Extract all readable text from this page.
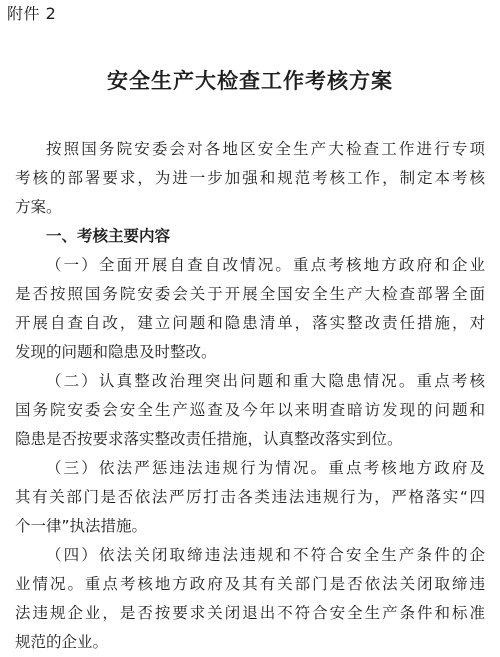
附件 2
安全生产大检查工作考核方案
按照国务院安委会对各地区安全生产大检查工作进行专项
考核的部署要求，为进一步加强和规范考核工作，制定本考核
方案。
一、考核主要内容
（一）全面开展自查自改情况。重点考核地方政府和企业
是否按照国务院安委会关于开展全国安全生产大检查部署全面
开展自查自改，建立问题和隐患清单，落实整改责任措施，对
发现的问题和隐患及时整改。
（二）认真整改治理突出问题和重大隐患情况。重点考核
国务院安委会安全生产巡查及今年以来明查暗访发现的问题和
隐患是否按要求落实整改责任措施，认真整改落实到位。
（三）依法严惩违法违规行为情况。重点考核地方政府及
其有关部门是否依法严厉打击各类违法违规行为，严格落实“四
个一律”执法措施。
（四）依法关闭取缔违法违规和不符合安全生产条件的企
业情况。重点考核地方政府及其有关部门是否依法关闭取缔违
法违规企业，是否按要求关闭退出不符合安全生产条件和标准
规范的企业。
